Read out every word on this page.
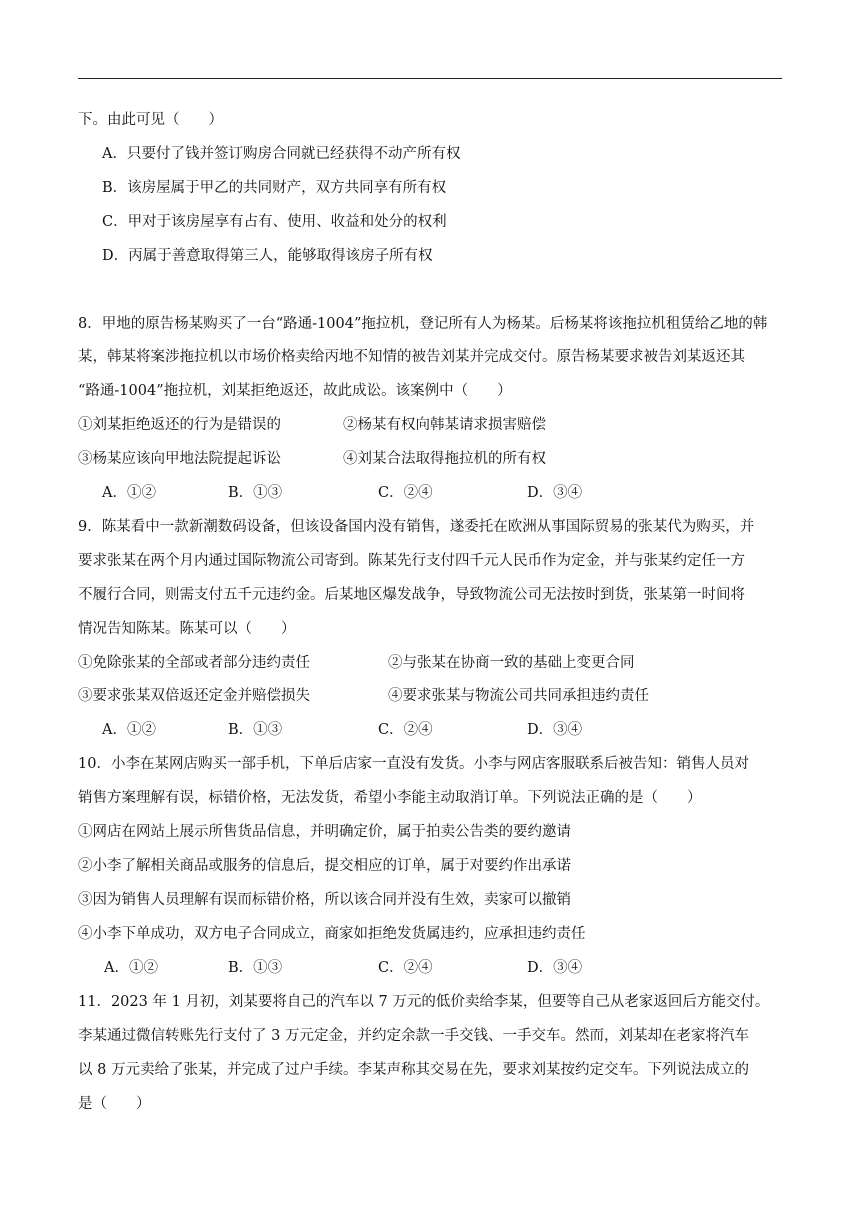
下。由此可见（　　）
A．只要付了钱并签订购房合同就已经获得不动产所有权
B．该房屋属于甲乙的共同财产，双方共同享有所有权
C．甲对于该房屋享有占有、使用、收益和处分的权利
D．丙属于善意取得第三人，能够取得该房子所有权
8．甲地的原告杨某购买了一台“路通-1004”拖拉机，登记所有人为杨某。后杨某将该拖拉机租赁给乙地的韩
某，韩某将案涉拖拉机以市场价格卖给丙地不知情的被告刘某并完成交付。原告杨某要求被告刘某返还其
“路通-1004”拖拉机，刘某拒绝返还，故此成讼。该案例中（　　）
①刘某拒绝返还的行为是错误的	②杨某有权向韩某请求损害赔偿
③杨某应该向甲地法院提起诉讼	④刘某合法取得拖拉机的所有权
A．①②	B．①③	C．②④	D．③④
9．陈某看中一款新潮数码设备，但该设备国内没有销售，遂委托在欧洲从事国际贸易的张某代为购买，并
要求张某在两个月内通过国际物流公司寄到。陈某先行支付四千元人民币作为定金，并与张某约定任一方
不履行合同，则需支付五千元违约金。后某地区爆发战争，导致物流公司无法按时到货，张某第一时间将
情况告知陈某。陈某可以（　　）
①免除张某的全部或者部分违约责任	②与张某在协商一致的基础上变更合同
③要求张某双倍返还定金并赔偿损失	④要求张某与物流公司共同承担违约责任
A．①②	B．①③	C．②④	D．③④
10．小李在某网店购买一部手机，下单后店家一直没有发货。小李与网店客服联系后被告知：销售人员对
销售方案理解有误，标错价格，无法发货，希望小李能主动取消订单。下列说法正确的是（　　）
①网店在网站上展示所售货品信息，并明确定价，属于拍卖公告类的要约邀请
②小李了解相关商品或服务的信息后，提交相应的订单，属于对要约作出承诺
③因为销售人员理解有误而标错价格，所以该合同并没有生效，卖家可以撤销
④小李下单成功，双方电子合同成立，商家如拒绝发货属违约，应承担违约责任
A．①②	B．①③	C．②④	D．③④
11．2023 年 1 月初，刘某要将自己的汽车以 7 万元的低价卖给李某，但要等自己从老家返回后方能交付。
李某通过微信转账先行支付了 3 万元定金，并约定余款一手交钱、一手交车。然而，刘某却在老家将汽车
以 8 万元卖给了张某，并完成了过户手续。李某声称其交易在先，要求刘某按约定交车。下列说法成立的
是（　　）
